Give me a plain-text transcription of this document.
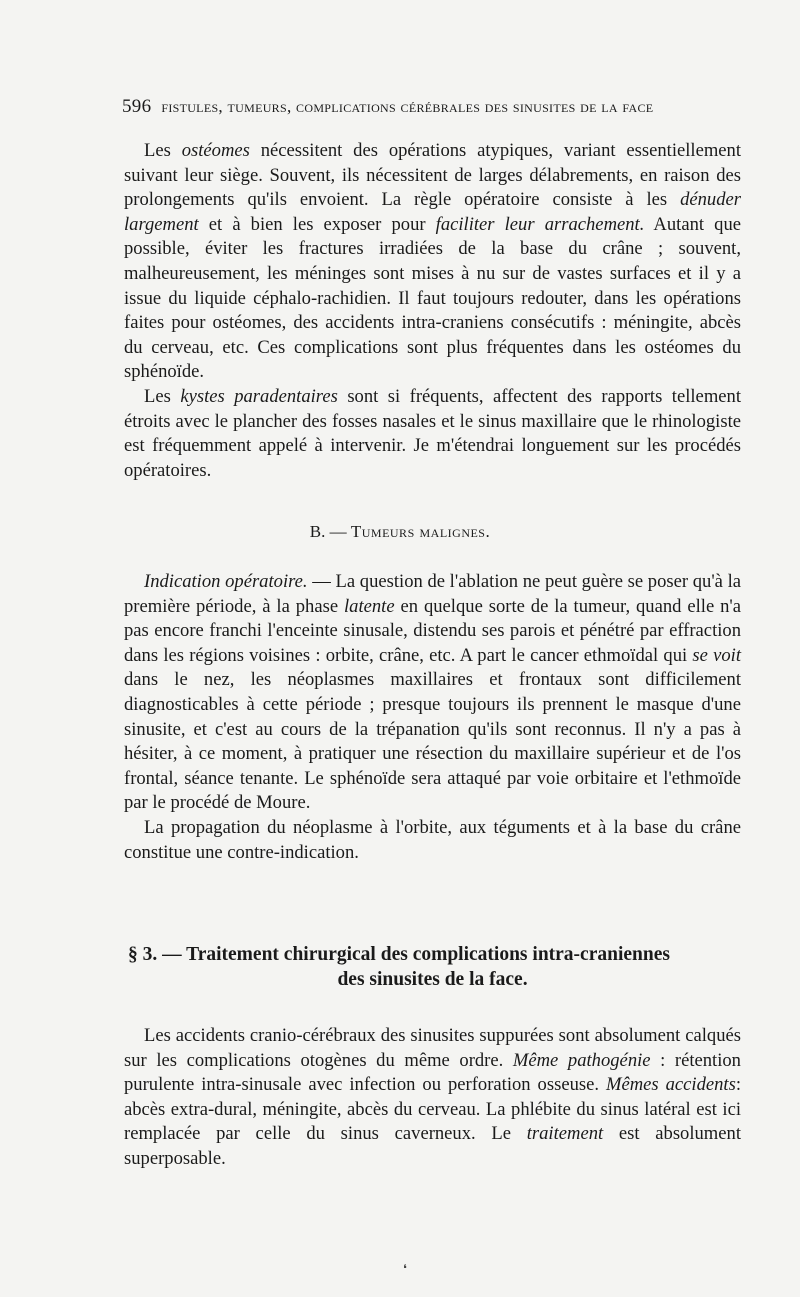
596 fistules, tumeurs, complications cérébrales des sinusites de la face

Les ostéomes nécessitent des opérations atypiques, variant essentiellement suivant leur siège. Souvent, ils nécessitent de larges délabrements, en raison des prolongements qu'ils envoient. La règle opératoire consiste à les dénuder largement et à bien les exposer pour faciliter leur arrachement. Autant que possible, éviter les fractures irradiées de la base du crâne ; souvent, malheureusement, les méninges sont mises à nu sur de vastes surfaces et il y a issue du liquide céphalo-rachidien. Il faut toujours redouter, dans les opérations faites pour ostéomes, des accidents intra-craniens consécutifs : méningite, abcès du cerveau, etc. Ces complications sont plus fréquentes dans les ostéomes du sphénoïde.

Les kystes paradentaires sont si fréquents, affectent des rapports tellement étroits avec le plancher des fosses nasales et le sinus maxillaire que le rhinologiste est fréquemment appelé à intervenir. Je m'étendrai longuement sur les procédés opératoires.

B. — Tumeurs malignes.

Indication opératoire. — La question de l'ablation ne peut guère se poser qu'à la première période, à la phase latente en quelque sorte de la tumeur, quand elle n'a pas encore franchi l'enceinte sinusale, distendu ses parois et pénétré par effraction dans les régions voisines : orbite, crâne, etc. A part le cancer ethmoïdal qui se voit dans le nez, les néoplasmes maxillaires et frontaux sont difficilement diagnosticables à cette période ; presque toujours ils prennent le masque d'une sinusite, et c'est au cours de la trépanation qu'ils sont reconnus. Il n'y a pas à hésiter, à ce moment, à pratiquer une résection du maxillaire supérieur et de l'os frontal, séance tenante. Le sphénoïde sera attaqué par voie orbitaire et l'ethmoïde par le procédé de Moure.

La propagation du néoplasme à l'orbite, aux téguments et à la base du crâne constitue une contre-indication.

§ 3. — Traitement chirurgical des complications intra-craniennes
des sinusites de la face.

Les accidents cranio-cérébraux des sinusites suppurées sont absolument calqués sur les complications otogènes du même ordre. Même pathogénie : rétention purulente intra-sinusale avec infection ou perforation osseuse. Mêmes accidents: abcès extra-dural, méningite, abcès du cerveau. La phlébite du sinus latéral est ici remplacée par celle du sinus caverneux. Le traitement est absolument superposable.

❛
